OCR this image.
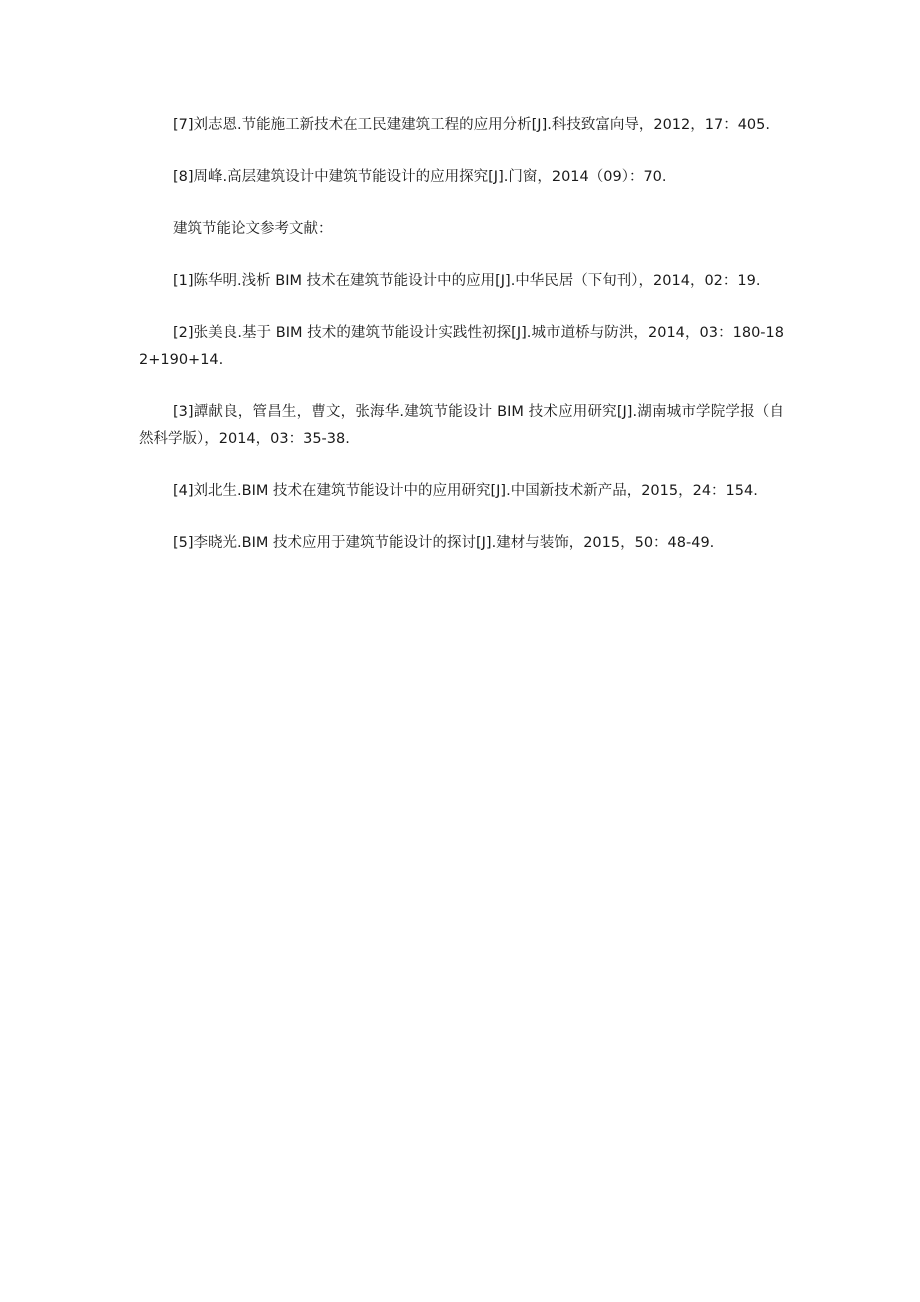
[7]刘志恩.节能施工新技术在工民建建筑工程的应用分析[J].科技致富向导，2012，17：405.

[8]周峰.高层建筑设计中建筑节能设计的应用探究[J].门窗，2014（09）：70.

建筑节能论文参考文献：

[1]陈华明.浅析 BIM 技术在建筑节能设计中的应用[J].中华民居（下旬刊），2014，02：19.

[2]张美良.基于 BIM 技术的建筑节能设计实践性初探[J].城市道桥与防洪，2014，03：180-182+190+14.

[3]譚献良，管昌生，曹文，张海华.建筑节能设计 BIM 技术应用研究[J].湖南城市学院学报（自然科学版），2014，03：35-38.

[4]刘北生.BIM 技术在建筑节能设计中的应用研究[J].中国新技术新产品，2015，24：154.

[5]李晓光.BIM 技术应用于建筑节能设计的探讨[J].建材与装饰，2015，50：48-49.
